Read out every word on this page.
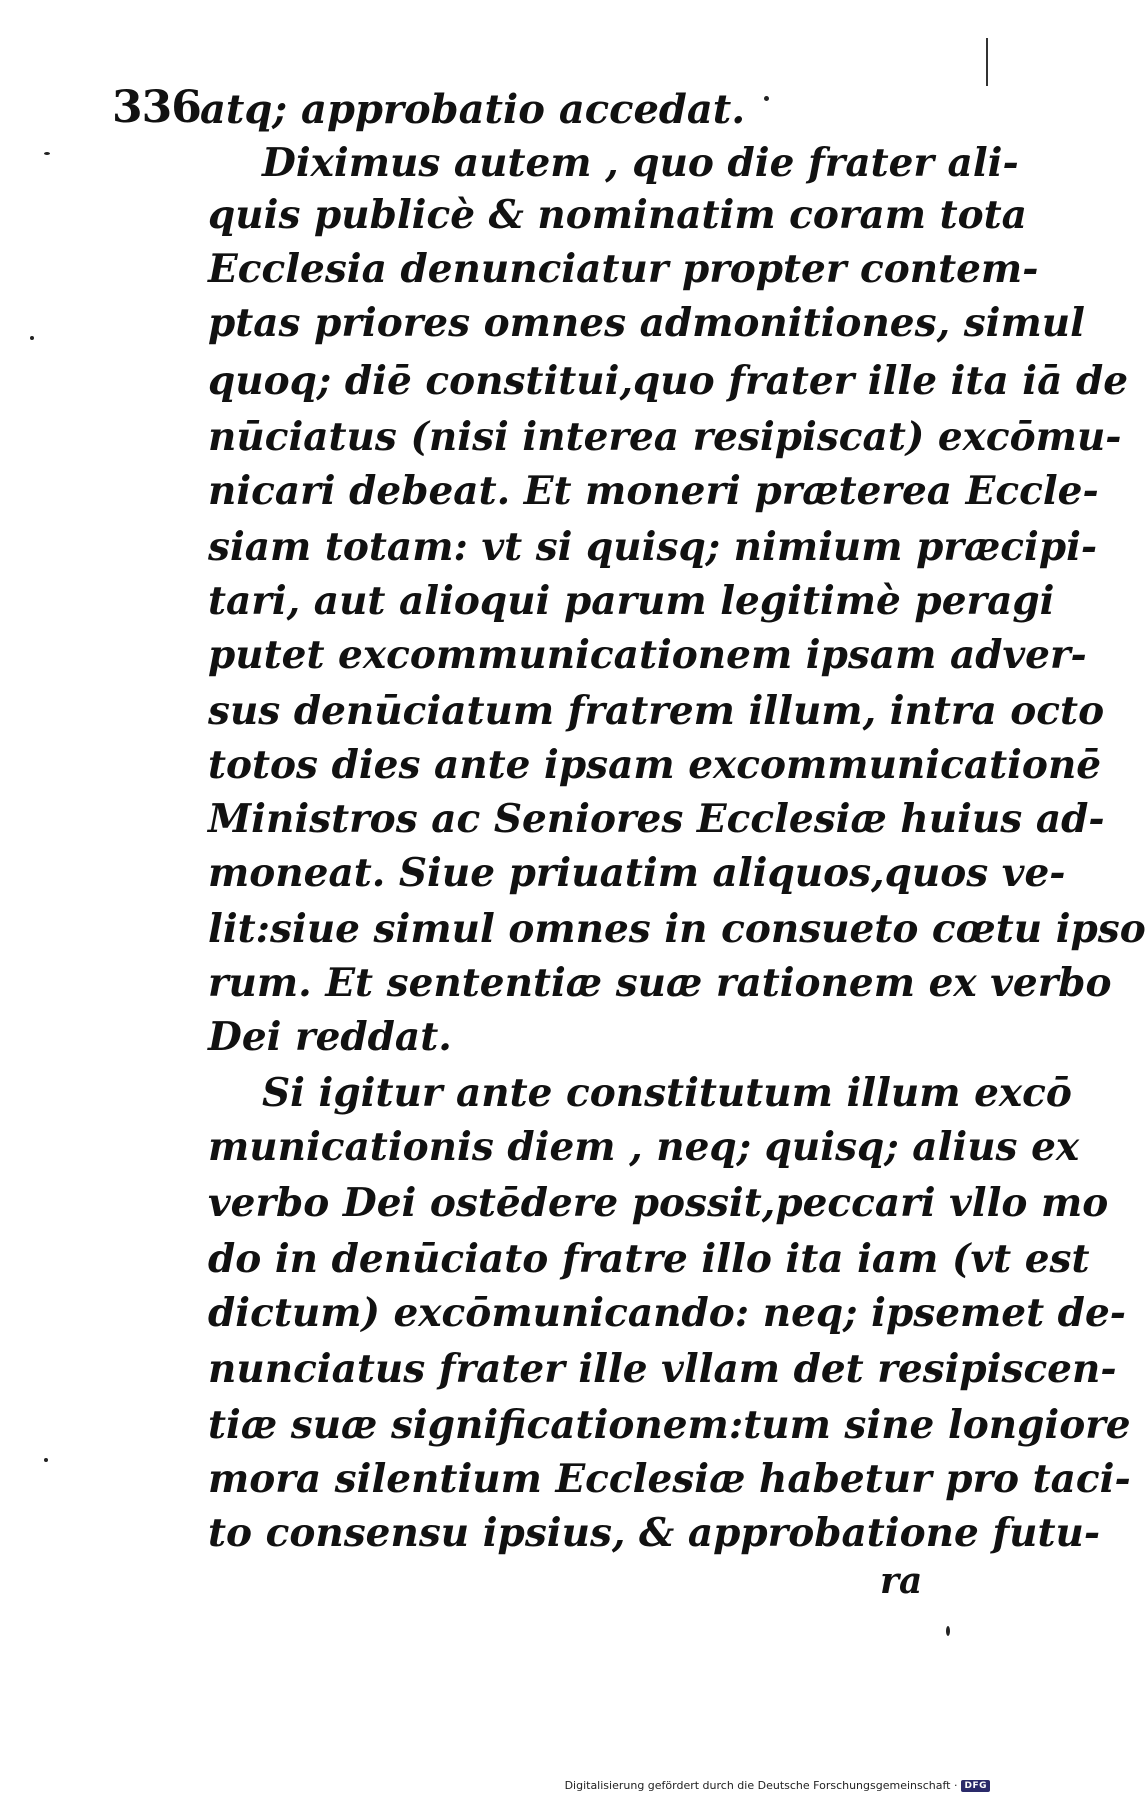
336 atq; approbatio accedat.
Diximus autem , quo die frater ali-
quis publicè & nominatim coram tota
Ecclesia denunciatur propter contem-
ptas priores omnes admonitiones, simul
quoq; diē constitui,quo frater ille ita iā de
nūciatus (nisi interea resipiscat) excōmu-
nicari debeat. Et moneri præterea Eccle-
siam totam: vt si quisq; nimium præcipi-
tari, aut alioqui parum legitimè peragi
putet excommunicationem ipsam adver-
sus denūciatum fratrem illum, intra octo
totos dies ante ipsam excommunicationē
Ministros ac Seniores Ecclesiæ huius ad-
moneat. Siue priuatim aliquos,quos ve-
lit:siue simul omnes in consueto cœtu ipso
rum. Et sententiæ suæ rationem ex verbo
Dei reddat.
Si igitur ante constitutum illum excō
municationis diem , neq; quisq; alius ex
verbo Dei ostēdere possit,peccari vllo mo
do in denūciato fratre illo ita iam (vt est
dictum) excōmunicando: neq; ipsemet de-
nunciatus frater ille vllam det resipiscen-
tiæ suæ significationem:tum sine longiore
mora silentium Ecclesiæ habetur pro taci-
to consensu ipsius, & approbatione futu-
ra
Digitalisierung gefördert durch die Deutsche Forschungsgemeinschaft · DFG
